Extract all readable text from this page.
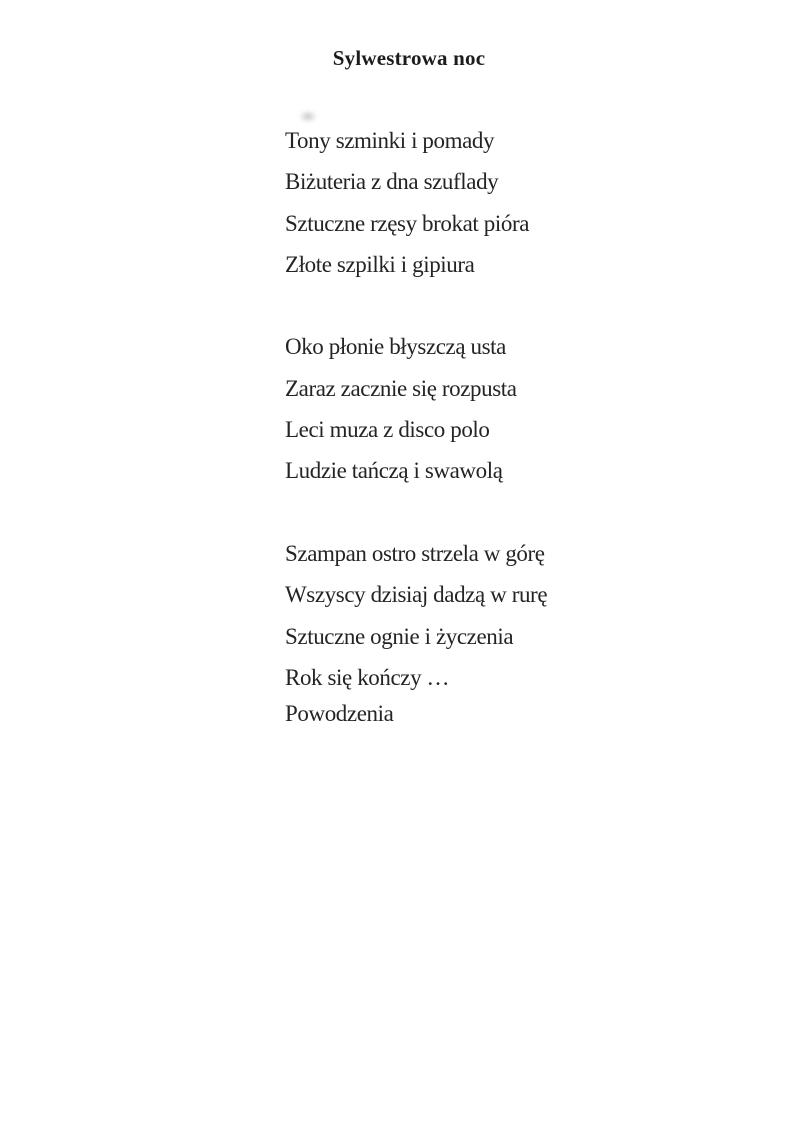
Sylwestrowa noc
Tony szminki i pomady
Biżuteria z dna szuflady
Sztuczne rzęsy brokat pióra
Złote szpilki i gipiura
Oko płonie błyszczą usta
Zaraz zacznie się rozpusta
Leci muza z disco polo
Ludzie tańczą i swawolą
Szampan ostro strzela w górę
Wszyscy dzisiaj dadzą w rurę
Sztuczne ognie i życzenia
Rok się kończy …
Powodzenia
